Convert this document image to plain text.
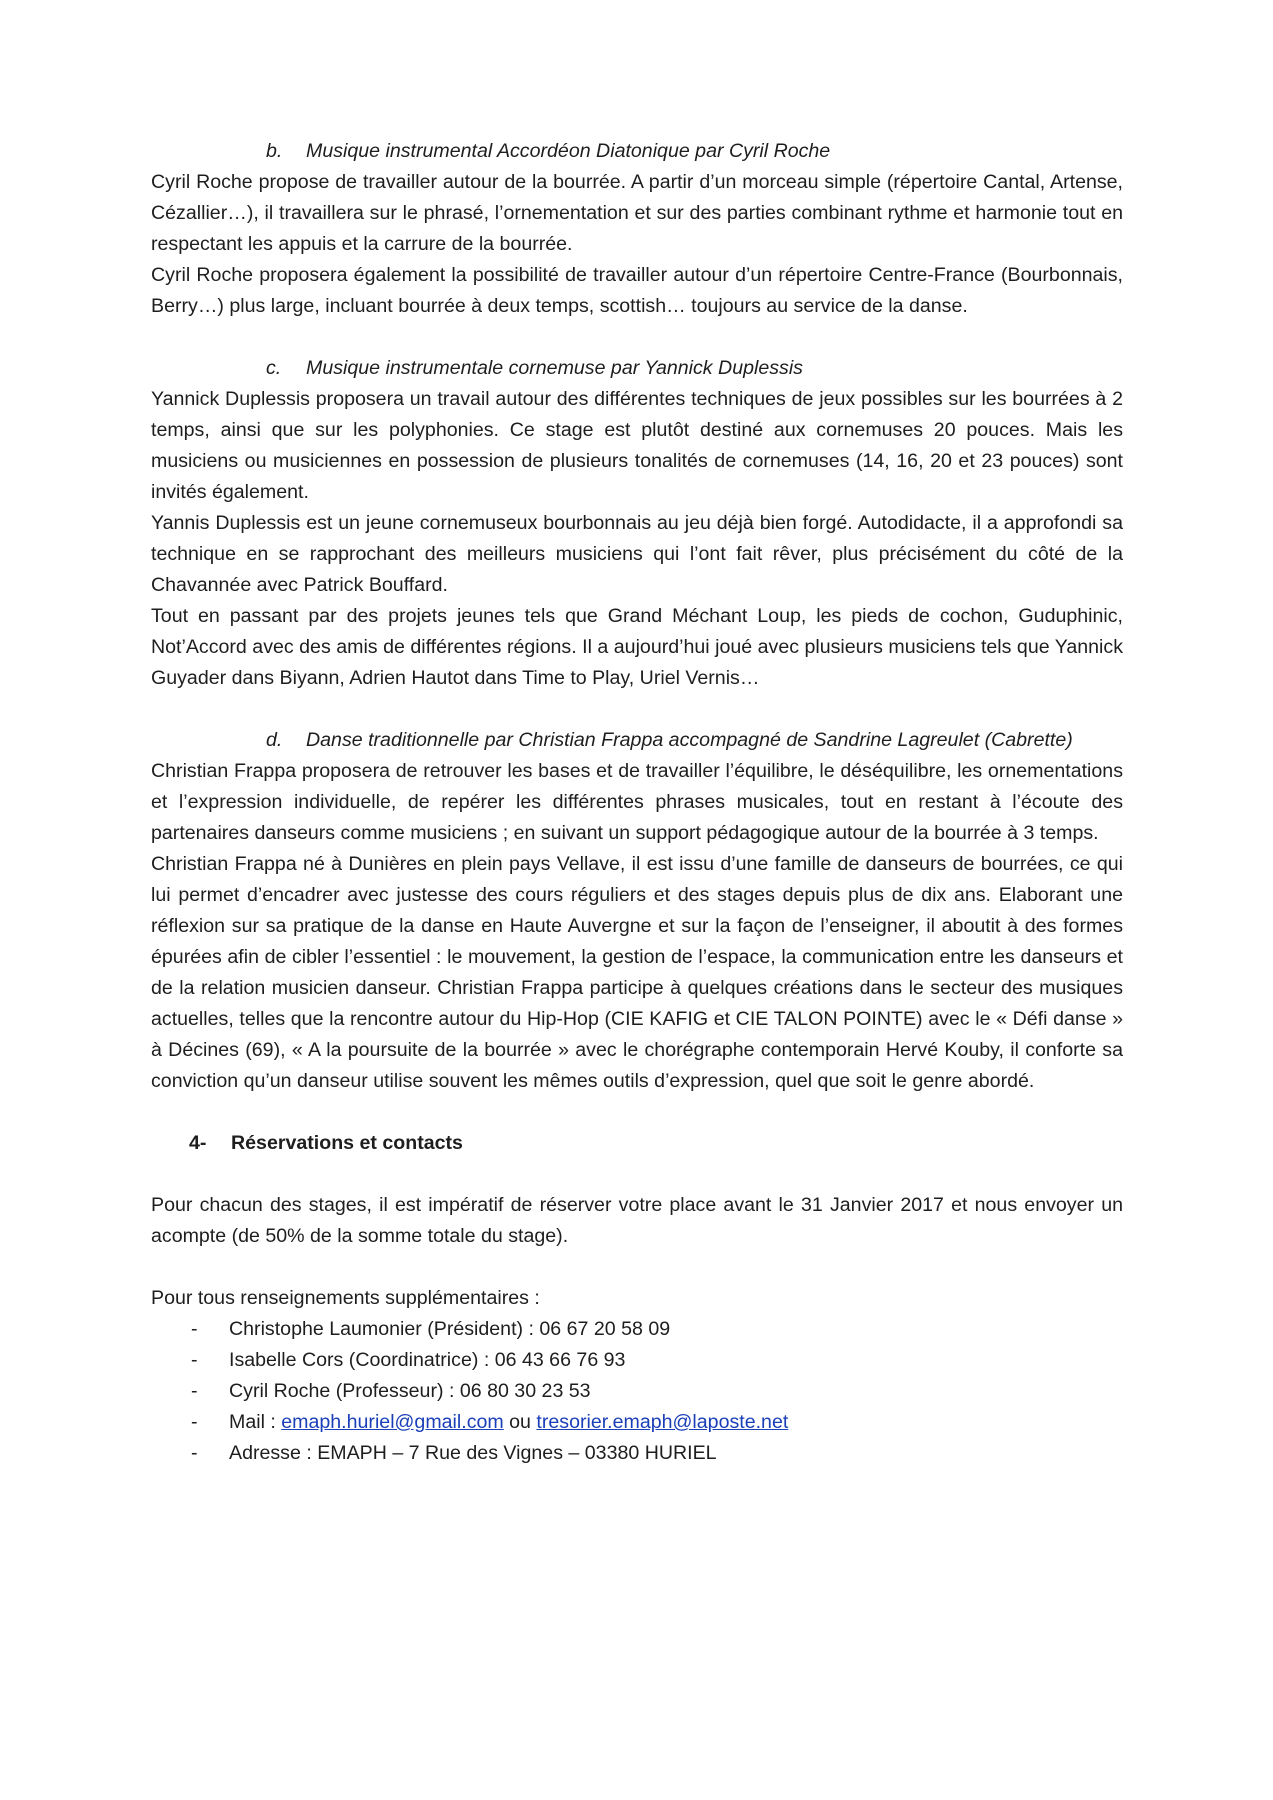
b.	Musique instrumental Accordéon Diatonique par Cyril Roche

Cyril Roche propose de travailler autour de la bourrée. A partir d’un morceau simple (répertoire Cantal, Artense, Cézallier…), il travaillera sur le phrasé, l’ornementation et sur des parties combinant rythme et harmonie tout en respectant les appuis et la carrure de la bourrée.

Cyril Roche proposera également la possibilité de travailler autour d’un répertoire Centre-France (Bourbonnais, Berry…) plus large, incluant bourrée à deux temps, scottish… toujours au service de la danse.

c.	Musique instrumentale cornemuse par Yannick Duplessis

Yannick Duplessis proposera un travail autour des différentes techniques de jeux possibles sur les bourrées à 2 temps, ainsi que sur les polyphonies. Ce stage est plutôt destiné aux cornemuses 20 pouces. Mais les musiciens ou musiciennes en possession de plusieurs tonalités de cornemuses (14, 16, 20 et 23 pouces) sont invités également.

Yannis Duplessis est un jeune cornemuseux bourbonnais au jeu déjà bien forgé. Autodidacte, il a approfondi sa technique en se rapprochant des meilleurs musiciens qui l’ont fait rêver, plus précisément du côté de la Chavannée avec Patrick Bouffard.

Tout en passant par des projets jeunes tels que Grand Méchant Loup, les pieds de cochon, Guduphinic, Not’Accord avec des amis de différentes régions. Il a aujourd’hui joué avec plusieurs musiciens tels que Yannick Guyader dans Biyann, Adrien Hautot dans Time to Play, Uriel Vernis…

d.	Danse traditionnelle par Christian Frappa accompagné de Sandrine Lagreulet (Cabrette)

Christian Frappa proposera de retrouver les bases et de travailler l’équilibre, le déséquilibre, les ornementations et l’expression individuelle, de repérer les différentes phrases musicales, tout en restant à l’écoute des partenaires danseurs comme musiciens ; en suivant un support pédagogique autour de la bourrée à 3 temps.

Christian Frappa né à Dunières en plein pays Vellave, il est issu d’une famille de danseurs de bourrées, ce qui lui permet d’encadrer avec justesse des cours réguliers et des stages depuis plus de dix ans. Elaborant une réflexion sur sa pratique de la danse en Haute Auvergne et sur la façon de l’enseigner, il aboutit à des formes épurées afin de cibler l’essentiel : le mouvement, la gestion de l’espace, la communication entre les danseurs et de la relation musicien danseur. Christian Frappa participe à quelques créations dans le secteur des musiques actuelles, telles que la rencontre autour du Hip-Hop (CIE KAFIG et CIE TALON POINTE) avec le « Défi danse » à Décines (69), « A la poursuite de la bourrée » avec le chorégraphe contemporain Hervé Kouby, il conforte sa conviction qu’un danseur utilise souvent les mêmes outils d’expression, quel que soit le genre abordé.

4-	Réservations et contacts

Pour chacun des stages, il est impératif de réserver votre place avant le 31 Janvier 2017 et nous envoyer un acompte (de 50% de la somme totale du stage).

Pour tous renseignements supplémentaires :

-	Christophe Laumonier (Président) : 06 67 20 58 09
-	Isabelle Cors (Coordinatrice) : 06 43 66 76 93
-	Cyril Roche (Professeur) : 06 80 30 23 53
-	Mail : emaph.huriel@gmail.com ou tresorier.emaph@laposte.net
-	Adresse : EMAPH – 7 Rue des Vignes – 03380 HURIEL
